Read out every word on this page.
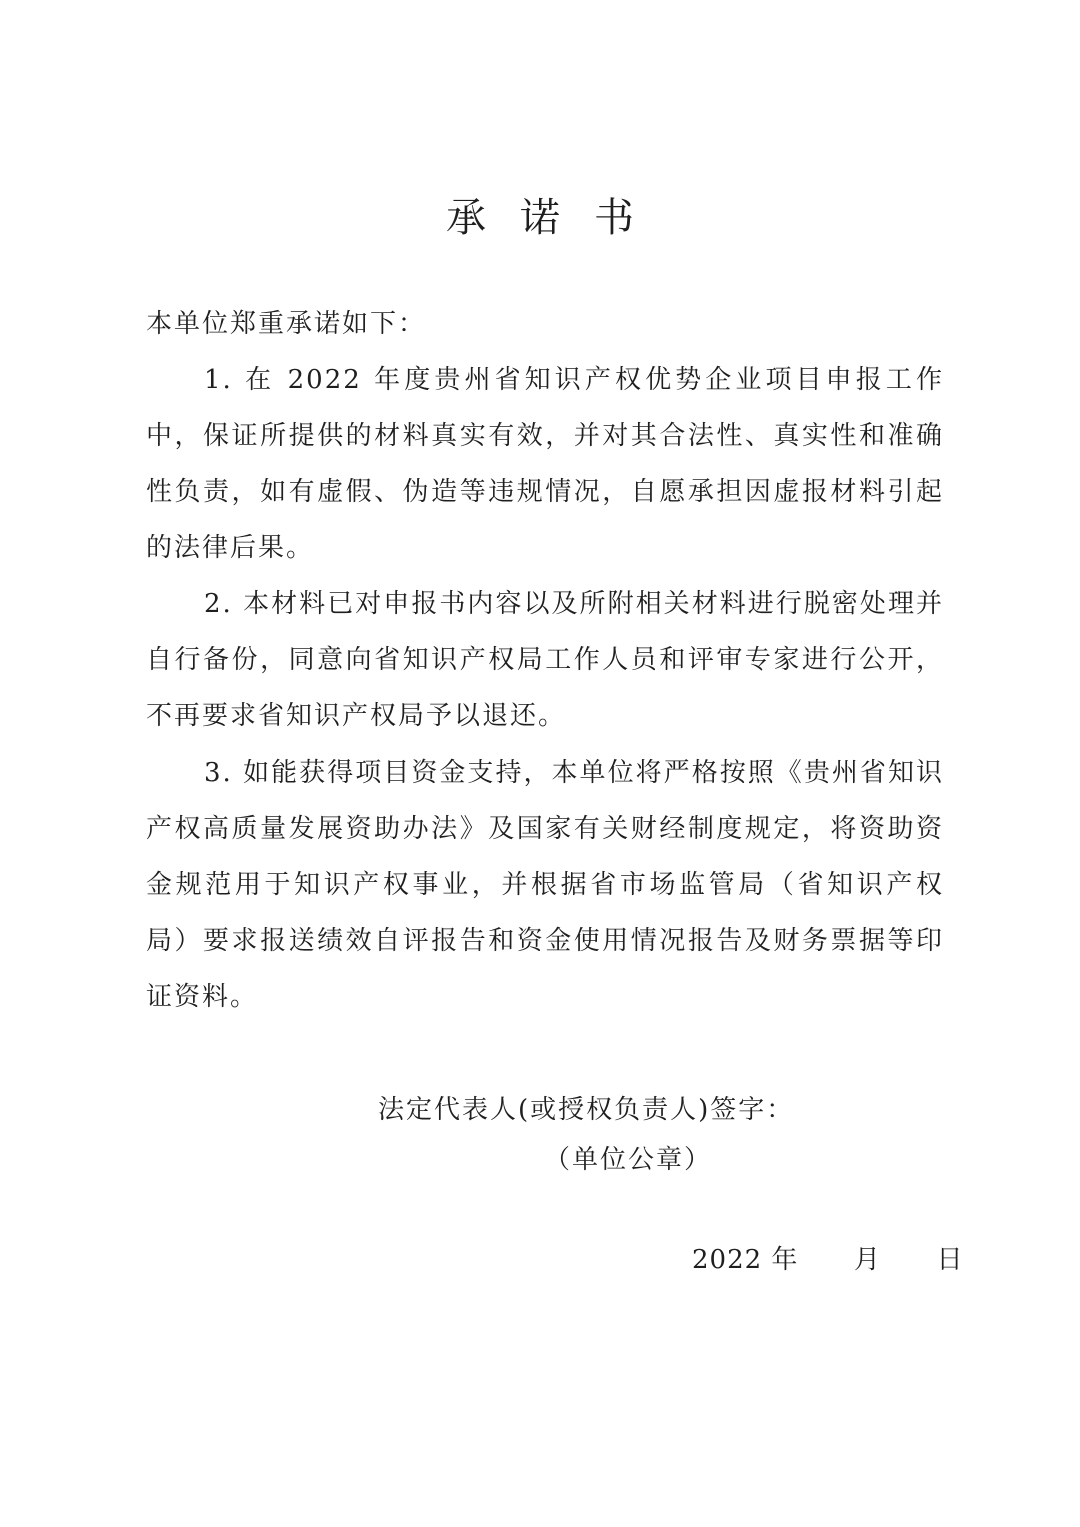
承诺书
本单位郑重承诺如下：
1. 在 2022 年度贵州省知识产权优势企业项目申报工作中，保证所提供的材料真实有效，并对其合法性、真实性和准确性负责，如有虚假、伪造等违规情况，自愿承担因虚报材料引起的法律后果。
2. 本材料已对申报书内容以及所附相关材料进行脱密处理并自行备份，同意向省知识产权局工作人员和评审专家进行公开，不再要求省知识产权局予以退还。
3. 如能获得项目资金支持，本单位将严格按照《贵州省知识产权高质量发展资助办法》及国家有关财经制度规定，将资助资金规范用于知识产权事业，并根据省市场监管局（省知识产权局）要求报送绩效自评报告和资金使用情况报告及财务票据等印证资料。
法定代表人(或授权负责人)签字：
（单位公章）
2022 年      月      日
